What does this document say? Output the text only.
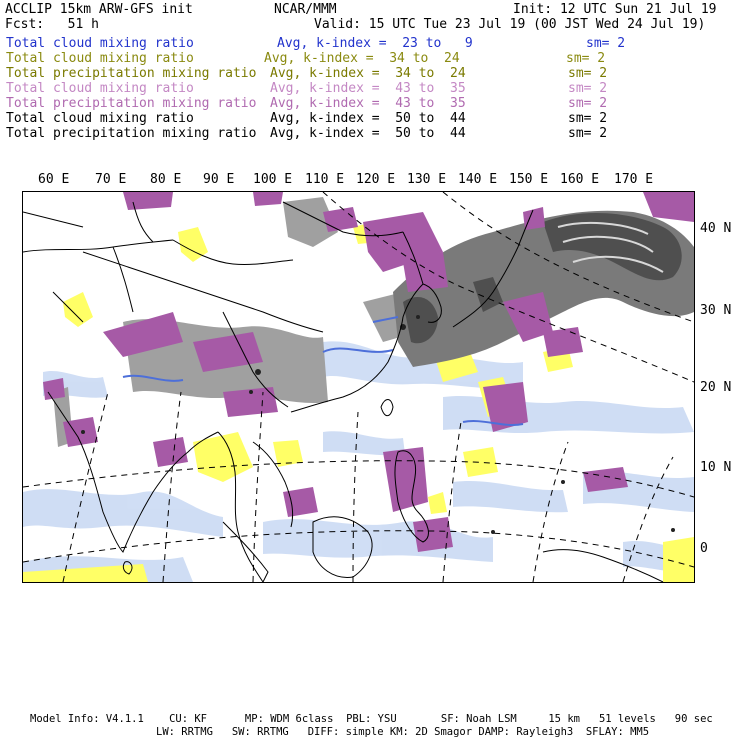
ACCLIP 15km ARW-GFS init	NCAR/MMM	Init: 12 UTC Sun 21 Jul 19
Fcst:   51 h	Valid: 15 UTC Tue 23 Jul 19 (00 JST Wed 24 Jul 19)
Total cloud mixing ratio	Avg, k-index =  23 to   9	sm= 2
Total cloud mixing ratio	Avg, k-index =  34 to  24	sm= 2
Total precipitation mixing ratio Avg, k-index =  34 to  24	sm= 2
Total cloud mixing ratio	Avg, k-index =  43 to  35	sm= 2
Total precipitation mixing ratio Avg, k-index =  43 to  35	sm= 2
Total cloud mixing ratio	Avg, k-index =  50 to  44	sm= 2
Total precipitation mixing ratio Avg, k-index =  50 to  44	sm= 2
60 E 70 E 80 E 90 E 100 E 110 E 120 E 130 E 140 E 150 E 160 E 170 E
40 N
30 N
20 N
10 N
0
Model Info: V4.1.1    CU: KF      MP: WDM 6class  PBL: YSU       SF: Noah LSM     15 km   51 levels   90 sec
LW: RRTMG   SW: RRTMG   DIFF: simple KM: 2D Smagor DAMP: Rayleigh3  SFLAY: MM5
